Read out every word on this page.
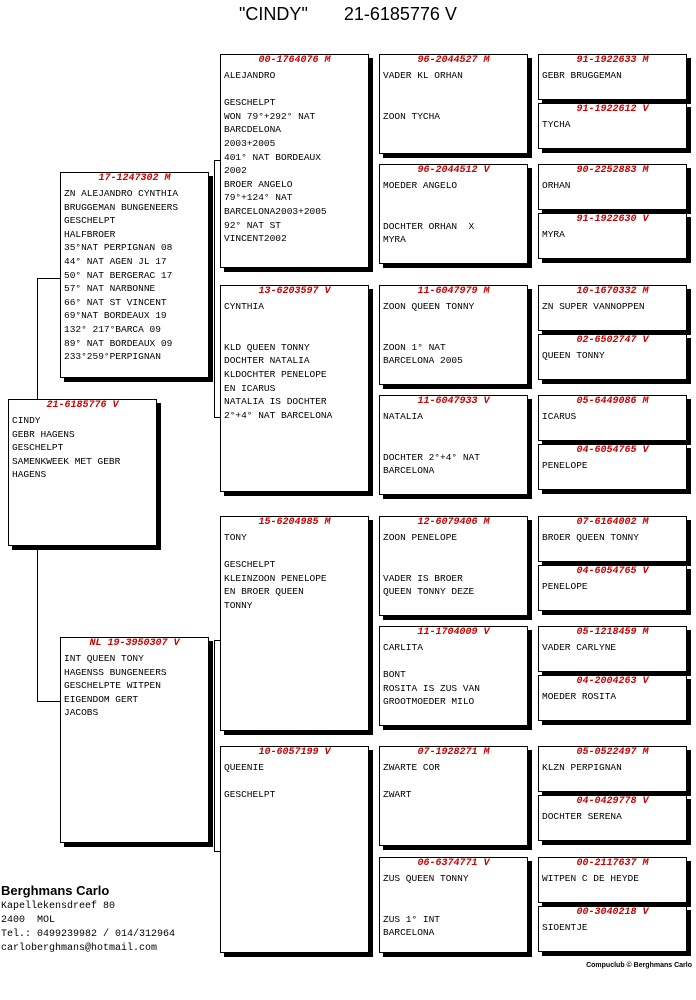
"CINDY" 21-6185776 V
21-6185776 V
CINDY
GEBR HAGENS
GESCHELPT
SAMENKWEEK MET GEBR
HAGENS
17-1247302 M
ZN ALEJANDRO CYNTHIA
BRUGGEMAN BUNGENEERS
GESCHELPT
HALFBROER
35°NAT PERPIGNAN 08
44° NAT AGEN JL 17
50° NAT BERGERAC 17
57° NAT NARBONNE
66° NAT ST VINCENT
69°NAT BORDEAUX 19
132° 217°BARCA 09
89° NAT BORDEAUX 09
233°259°PERPIGNAN
NL 19-3950307 V
INT QUEEN TONY
HAGENSS BUNGENEERS
GESCHELPTE WITPEN
EIGENDOM GERT
JACOBS
00-1764076 M
ALEJANDRO

GESCHELPT
WON 79°+292° NAT
BARCDELONA
2003+2005
401° NAT BORDEAUX
2002
BROER ANGELO
79°+124° NAT
BARCELONA2003+2005
92° NAT ST
VINCENT2002
13-6203597 V
CYNTHIA

KLD QUEEN TONNY
DOCHTER NATALIA
KLDOCHTER PENELOPE
EN ICARUS
NATALIA IS DOCHTER
2°+4° NAT BARCELONA
15-6204985 M
TONY

GESCHELPT
KLEINZOON PENELOPE
EN BROER QUEEN
TONNY
10-6057199 V
QUEENIE

GESCHELPT
96-2044527 M
VADER KL ORHAN

ZOON TYCHA
96-2044512 V
MOEDER ANGELO

DOCHTER ORHAN  X
MYRA
11-6047979 M
ZOON QUEEN TONNY

ZOON 1° NAT
BARCELONA 2005
11-6047933 V
NATALIA

DOCHTER 2°+4° NAT
BARCELONA
12-6079406 M
ZOON PENELOPE

VADER IS BROER
QUEEN TONNY DEZE
11-1704009 V
CARLITA

BONT
ROSITA IS ZUS VAN
GROOTMOEDER MILO
07-1928271 M
ZWARTE COR

ZWART
06-6374771 V
ZUS QUEEN TONNY

ZUS 1° INT
BARCELONA
91-1922633 M
GEBR BRUGGEMAN
91-1922612 V
TYCHA
90-2252883 M
ORHAN
91-1922630 V
MYRA
10-1670332 M
ZN SUPER VANNOPPEN
02-6502747 V
QUEEN TONNY
05-6449086 M
ICARUS
04-6054765 V
PENELOPE
07-6164002 M
BROER QUEEN TONNY
04-6054765 V
PENELOPE
05-1218459 M
VADER CARLYNE
04-2004263 V
MOEDER ROSITA
05-0522497 M
KLZN PERPIGNAN
04-0429778 V
DOCHTER SERENA
00-2117637 M
WITPEN C DE HEYDE
00-3040218 V
SIOENTJE
Berghmans Carlo
Kapellekensdreef 80
2400  MOL
Tel.: 0499239982 / 014/312964
carloberghmans@hotmail.com
Compuclub © Berghmans Carlo
